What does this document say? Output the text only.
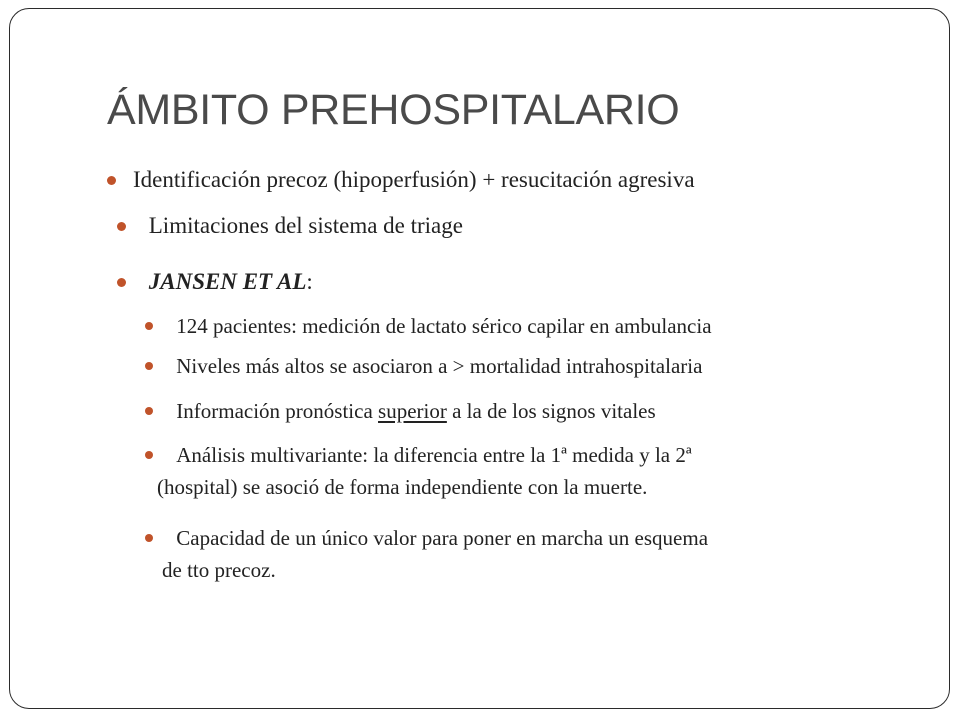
ÁMBITO PREHOSPITALARIO
Identificación precoz (hipoperfusión) + resucitación agresiva
Limitaciones del sistema de triage
JANSEN ET AL:
124 pacientes: medición de lactato sérico capilar en ambulancia
Niveles más altos se asociaron a > mortalidad intrahospitalaria
Información pronóstica superior a la de los signos vitales
Análisis multivariante: la diferencia entre la 1ª medida y la 2ª
(hospital) se asoció de forma independiente con la muerte.
Capacidad de un único valor para poner en marcha un esquema
de tto precoz.
